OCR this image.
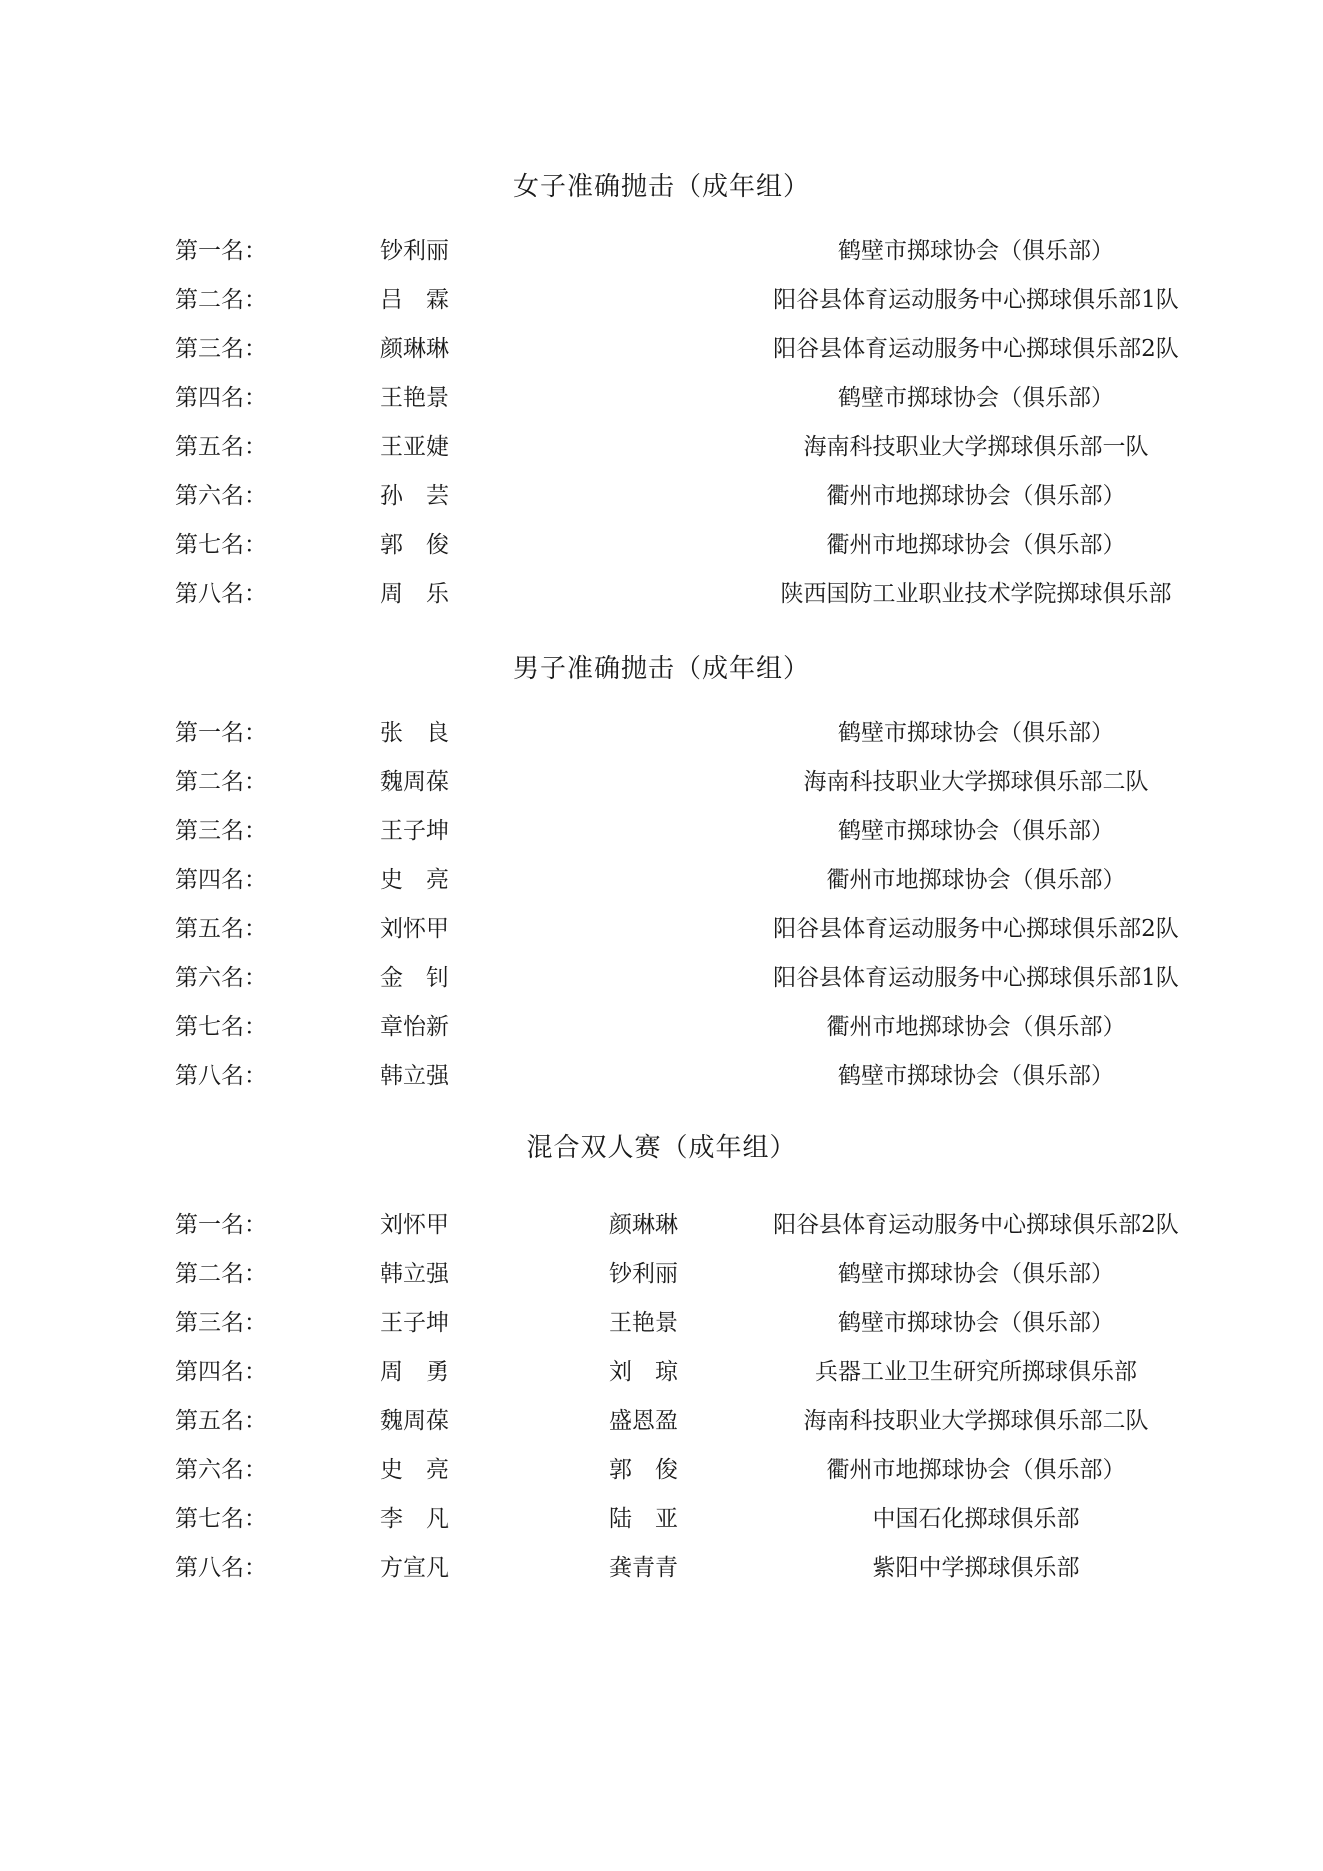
女子准确抛击（成年组）
第一名：	钞利丽	鹤壁市掷球协会（俱乐部）
第二名：	吕　霖	阳谷县体育运动服务中心掷球俱乐部1队
第三名：	颜琳琳	阳谷县体育运动服务中心掷球俱乐部2队
第四名：	王艳景	鹤壁市掷球协会（俱乐部）
第五名：	王亚婕	海南科技职业大学掷球俱乐部一队
第六名：	孙　芸	衢州市地掷球协会（俱乐部）
第七名：	郭　俊	衢州市地掷球协会（俱乐部）
第八名：	周　乐	陕西国防工业职业技术学院掷球俱乐部
男子准确抛击（成年组）
第一名：	张　良	鹤壁市掷球协会（俱乐部）
第二名：	魏周葆	海南科技职业大学掷球俱乐部二队
第三名：	王子坤	鹤壁市掷球协会（俱乐部）
第四名：	史　亮	衢州市地掷球协会（俱乐部）
第五名：	刘怀甲	阳谷县体育运动服务中心掷球俱乐部2队
第六名：	金　钊	阳谷县体育运动服务中心掷球俱乐部1队
第七名：	章怡新	衢州市地掷球协会（俱乐部）
第八名：	韩立强	鹤壁市掷球协会（俱乐部）
混合双人赛（成年组）
第一名：	刘怀甲	颜琳琳	阳谷县体育运动服务中心掷球俱乐部2队
第二名：	韩立强	钞利丽	鹤壁市掷球协会（俱乐部）
第三名：	王子坤	王艳景	鹤壁市掷球协会（俱乐部）
第四名：	周　勇	刘　琼	兵器工业卫生研究所掷球俱乐部
第五名：	魏周葆	盛恩盈	海南科技职业大学掷球俱乐部二队
第六名：	史　亮	郭　俊	衢州市地掷球协会（俱乐部）
第七名：	李　凡	陆　亚	中国石化掷球俱乐部
第八名：	方宣凡	龚青青	紫阳中学掷球俱乐部
